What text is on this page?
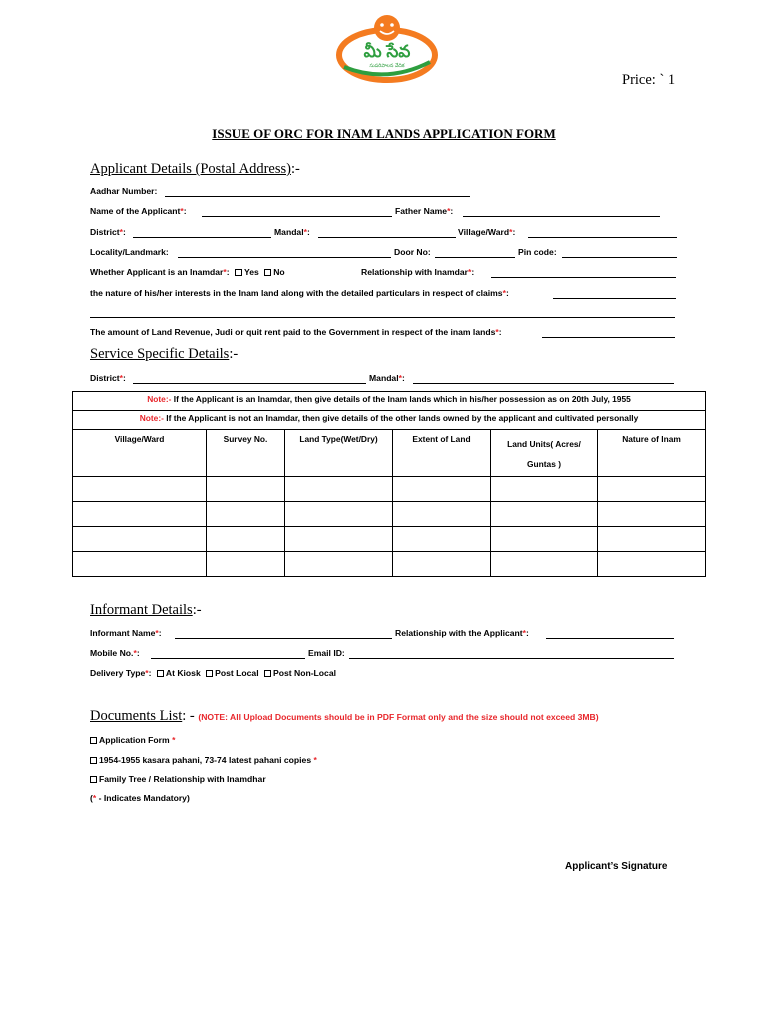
మీ సేవ
సుపరిపాలన వేదిక
Price: ` 1
ISSUE OF ORC FOR INAM LANDS APPLICATION FORM
Applicant Details (Postal Address):-
Aadhar Number:
Name of the Applicant*:	Father Name*:
District*:	Mandal*:	Village/Ward*:
Locality/Landmark:	Door No:	Pin code:
Whether Applicant is an Inamdar*: Yes No	Relationship with Inamdar*:
the nature of his/her interests in the Inam land along with the detailed particulars in respect of claims*:
The amount of Land Revenue, Judi or quit rent paid to the Government in respect of the inam lands*:
Service Specific Details:-
District*:	Mandal*:
Note:- If the Applicant is an Inamdar, then give details of the Inam lands which in his/her possession as on 20th July, 1955					
Note:- If the Applicant is not an Inamdar, then give details of the other lands owned by the applicant and cultivated personally					
Village/Ward	Survey No.	Land Type(Wet/Dry)	Extent of Land	Land Units( Acres/ Guntas )	Nature of Inam

Informant Details:-
Informant Name*:	Relationship with the Applicant*:
Mobile No.*:	Email ID:
Delivery Type*: At Kiosk Post Local Post Non-Local
Documents List: - (NOTE: All Upload Documents should be in PDF Format only and the size should not exceed 3MB)
Application Form *
1954-1955 kasara pahani, 73-74 latest pahani copies *
Family Tree / Relationship with Inamdhar
(* - Indicates Mandatory)
Applicant’s Signature
